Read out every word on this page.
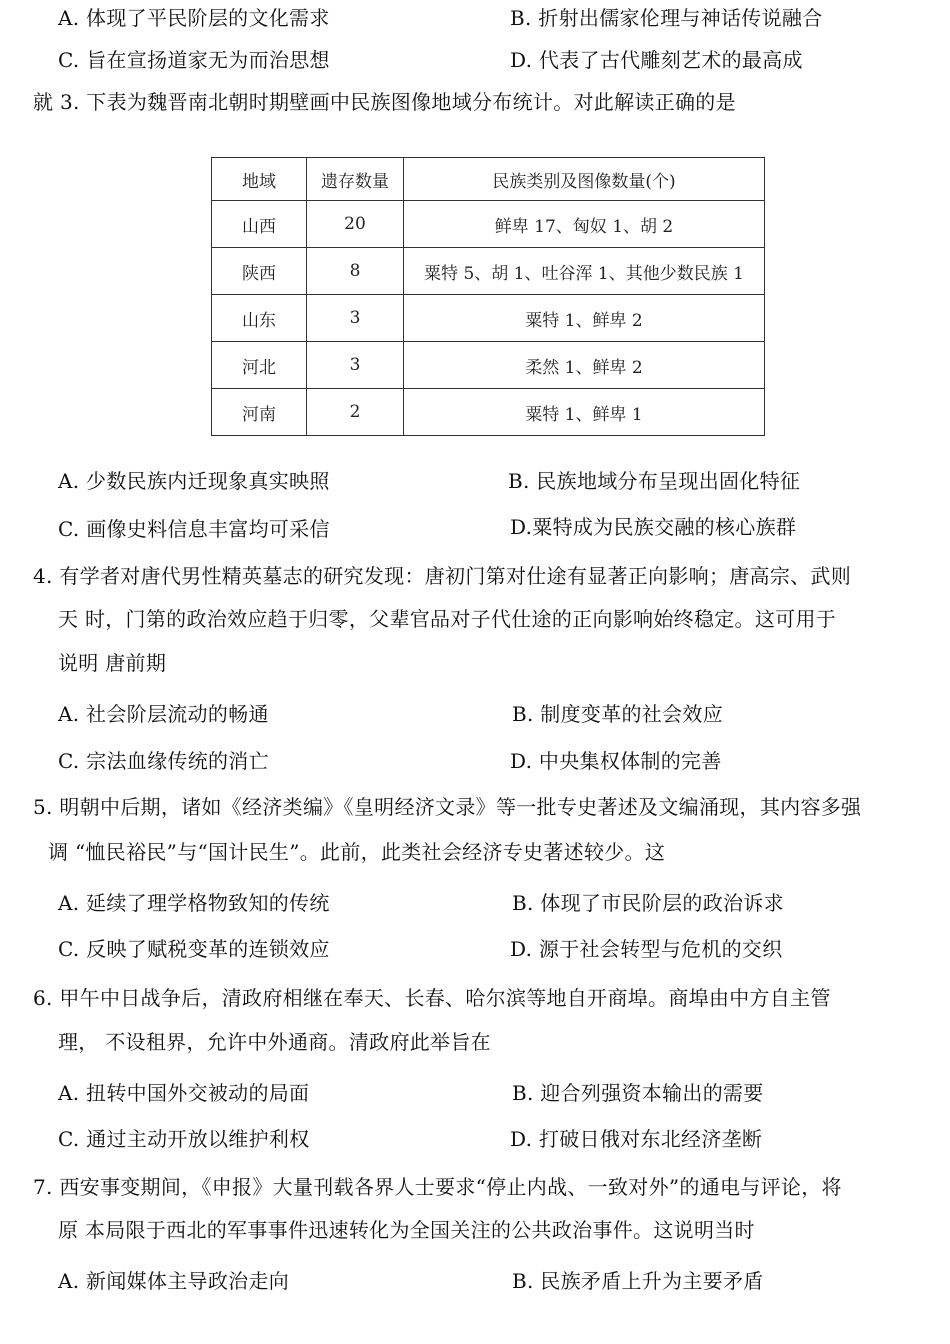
A. 体现了平民阶层的文化需求	B. 折射出儒家伦理与神话传说融合
C. 旨在宣扬道家无为而治思想	D. 代表了古代雕刻艺术的最高成
就 3. 下表为魏晋南北朝时期壁画中民族图像地域分布统计。对此解读正确的是
地域	遗存数量	民族类别及图像数量(个)
山西	20	鲜卑 17、匈奴 1、胡 2
陕西	8	粟特 5、胡 1、吐谷浑 1、其他少数民族 1
山东	3	粟特 1、鲜卑 2
河北	3	柔然 1、鲜卑 2
河南	2	粟特 1、鲜卑 1
A. 少数民族内迁现象真实映照	B. 民族地域分布呈现出固化特征
C. 画像史料信息丰富均可采信	D.粟特成为民族交融的核心族群
4. 有学者对唐代男性精英墓志的研究发现：唐初门第对仕途有显著正向影响；唐高宗、武则
天 时，门第的政治效应趋于归零，父辈官品对子代仕途的正向影响始终稳定。这可用于
说明 唐前期
A. 社会阶层流动的畅通	B. 制度变革的社会效应
C. 宗法血缘传统的消亡	D. 中央集权体制的完善
5. 明朝中后期，诸如《经济类编》《皇明经济文录》等一批专史著述及文编涌现，其内容多强
调 “恤民裕民”与“国计民生”。此前，此类社会经济专史著述较少。这
A. 延续了理学格物致知的传统	B. 体现了市民阶层的政治诉求
C. 反映了赋税变革的连锁效应	D. 源于社会转型与危机的交织
6. 甲午中日战争后，清政府相继在奉天、长春、哈尔滨等地自开商埠。商埠由中方自主管
理， 不设租界，允许中外通商。清政府此举旨在
A. 扭转中国外交被动的局面	B. 迎合列强资本输出的需要
C. 通过主动开放以维护利权	D. 打破日俄对东北经济垄断
7. 西安事变期间，《申报》大量刊载各界人士要求“停止内战、一致对外”的通电与评论，将
原 本局限于西北的军事事件迅速转化为全国关注的公共政治事件。这说明当时
A. 新闻媒体主导政治走向	B. 民族矛盾上升为主要矛盾
